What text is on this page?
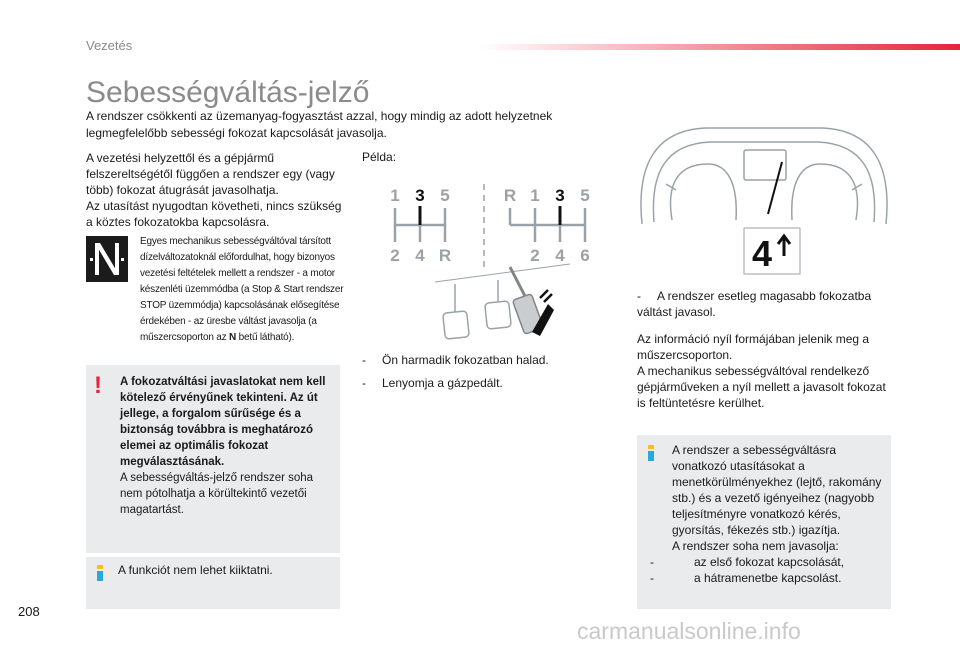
Vezetés
Sebességváltás-jelző
A rendszer csökkenti az üzemanyag-fogyasztást azzal, hogy mindig az adott helyzetnek legmegfelelőbb sebességi fokozat kapcsolását javasolja.
A vezetési helyzettől és a gépjármű felszereltségétől függően a rendszer egy (vagy több) fokozat átugrását javasolhatja.
Az utasítást nyugodtan követheti, nincs szükség a köztes fokozatokba kapcsolásra.
Egyes mechanikus sebességváltóval társított dízelváltozatoknál előfordulhat, hogy bizonyos vezetési feltételek mellett a rendszer - a motor készenléti üzemmódba (a Stop & Start rendszer STOP üzemmódja) kapcsolásának elősegítése érdekében - az üresbe váltást javasolja (a műszercsoporton az N betű látható).
! A fokozatváltási javaslatokat nem kell kötelező érvényűnek tekinteni. Az út jellege, a forgalom sűrűsége és a biztonság továbbra is meghatározó elemei az optimális fokozat megválasztásának.
A sebességváltás-jelző rendszer soha nem pótolhatja a körültekintő vezetői magatartást.
A funkciót nem lehet kiiktatni.
Példa:
1 3 5
2 4 R
R 1 3 5
2 4 6
- Ön harmadik fokozatban halad.
- Lenyomja a gázpedált.
4
- A rendszer esetleg magasabb fokozatba váltást javasol.
Az információ nyíl formájában jelenik meg a műszercsoporton.
A mechanikus sebességváltóval rendelkező gépjárműveken a nyíl mellett a javasolt fokozat is feltüntetésre kerülhet.
A rendszer a sebességváltásra vonatkozó utasításokat a menetkörülményekhez (lejtő, rakomány stb.) és a vezető igényeihez (nagyobb teljesítményre vonatkozó kérés, gyorsítás, fékezés stb.) igazítja.
A rendszer soha nem javasolja:
-	az első fokozat kapcsolását,
-	a hátramenetbe kapcsolást.
208
carmanualsonline.info
